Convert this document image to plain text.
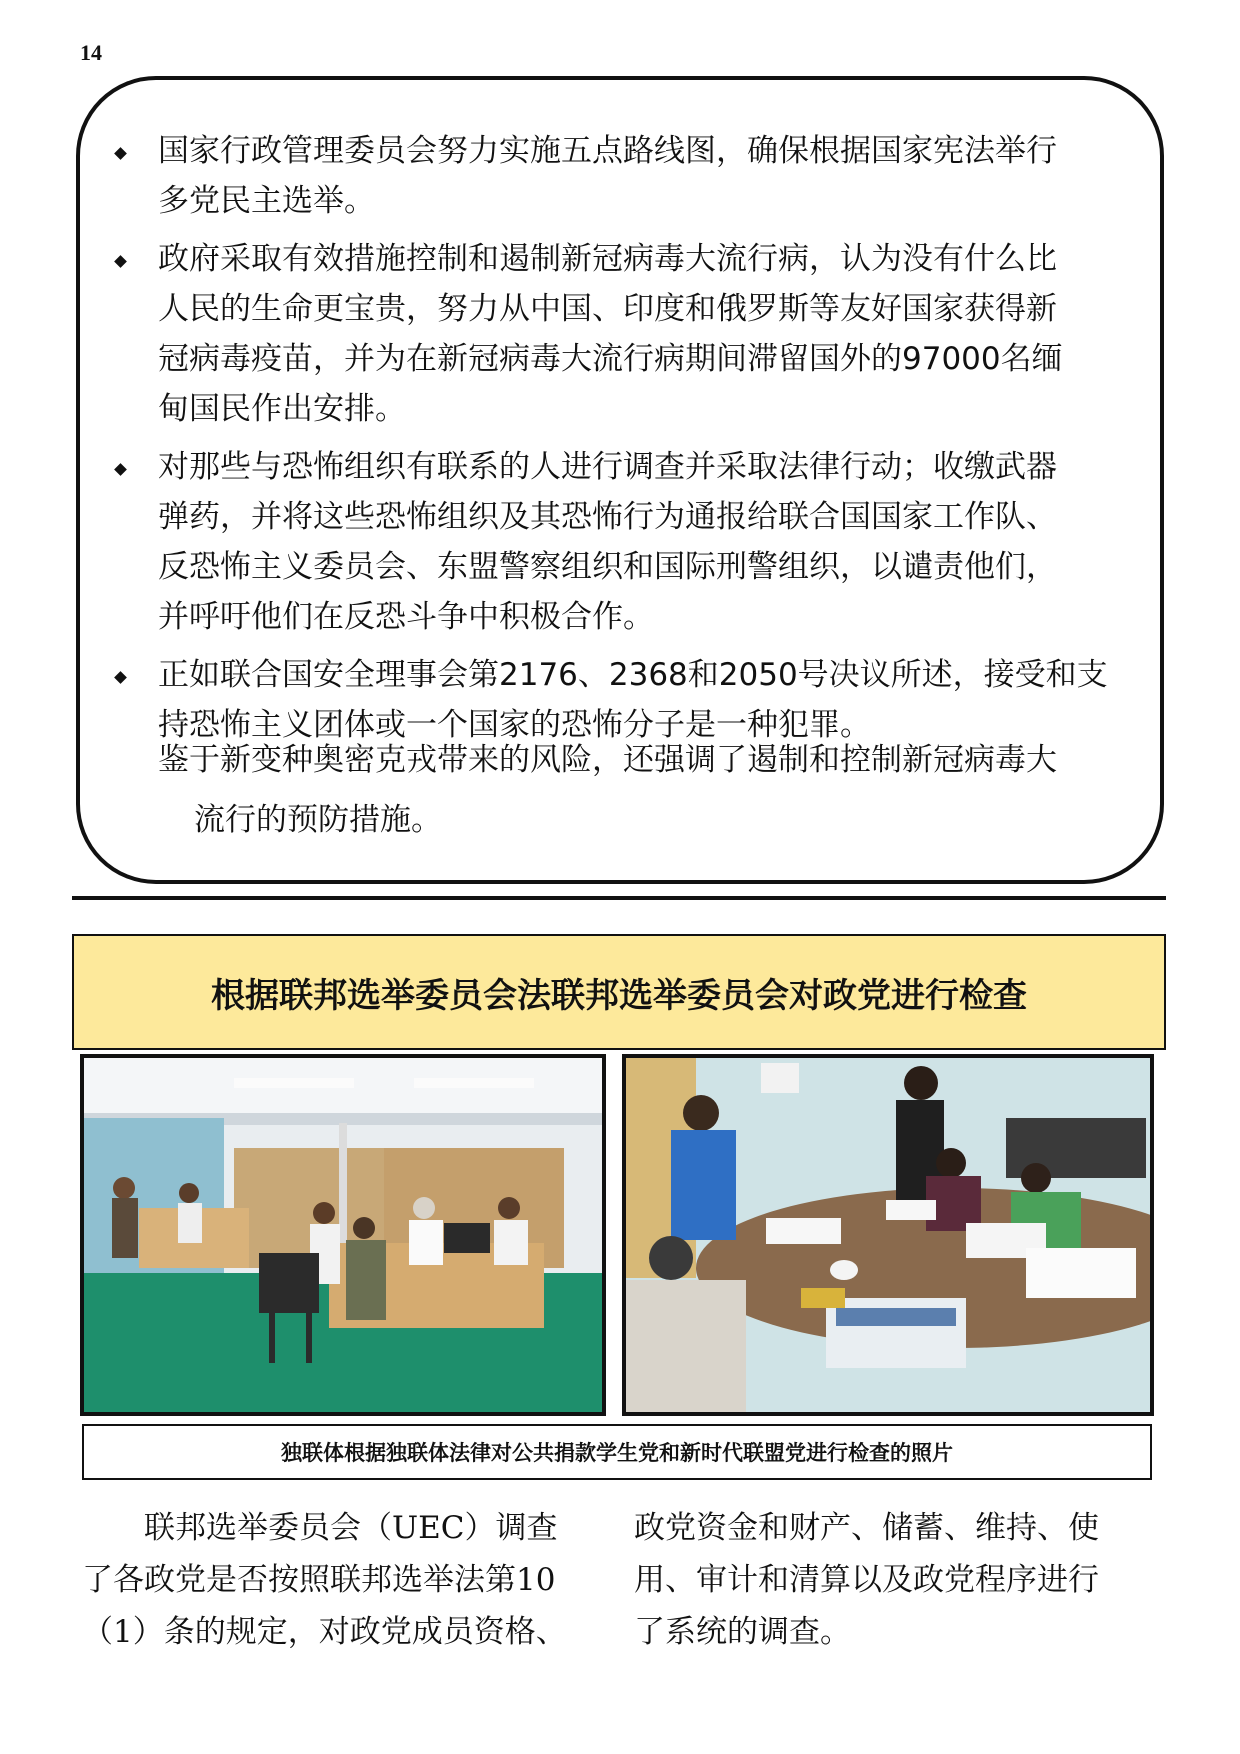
14
国家行政管理委员会努力实施五点路线图，确保根据国家宪法举行
多党民主选举。
政府采取有效措施控制和遏制新冠病毒大流行病，认为没有什么比
人民的生命更宝贵，努力从中国、印度和俄罗斯等友好国家获得新
冠病毒疫苗，并为在新冠病毒大流行病期间滞留国外的97000名缅
甸国民作出安排。
对那些与恐怖组织有联系的人进行调查并采取法律行动；收缴武器
弹药，并将这些恐怖组织及其恐怖行为通报给联合国国家工作队、
反恐怖主义委员会、东盟警察组织和国际刑警组织，以谴责他们，
并呼吁他们在反恐斗争中积极合作。
正如联合国安全理事会第2176、2368和2050号决议所述，接受和支
持恐怖主义团体或一个国家的恐怖分子是一种犯罪。
鉴于新变种奥密克戎带来的风险，还强调了遏制和控制新冠病毒大
流行的预防措施。
根据联邦选举委员会法联邦选举委员会对政党进行检查
独联体根据独联体法律对公共捐款学生党和新时代联盟党进行检查的照片
　　联邦选举委员会（UEC）调查
了各政党是否按照联邦选举法第10
（1）条的规定，对政党成员资格、
政党资金和财产、储蓄、维持、使
用、审计和清算以及政党程序进行
了系统的调查。
